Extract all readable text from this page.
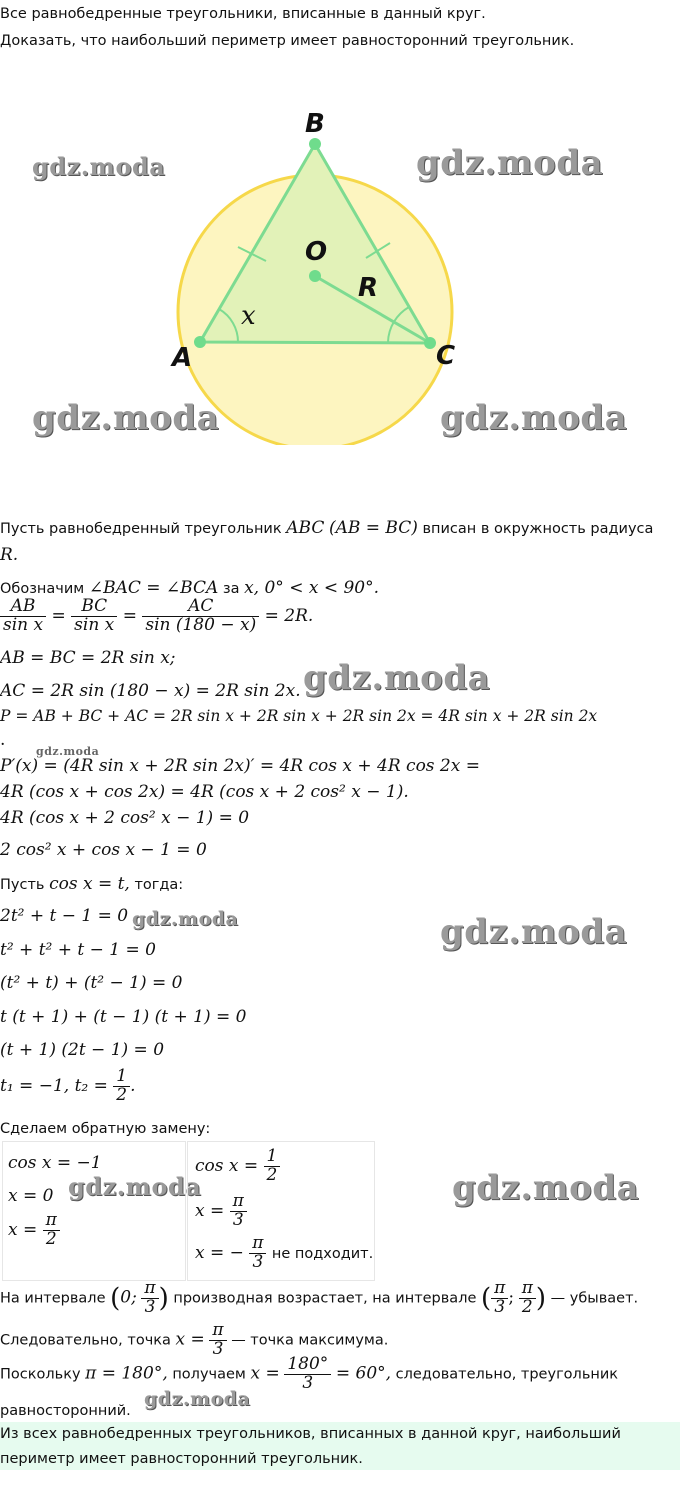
Все равнобедренные треугольники, вписанные в данный круг.
Доказать, что наибольший периметр имеет равносторонний треугольник.
B
O
R
A	C
x
gdz.moda	gdz.moda
gdz.moda	gdz.moda
Пусть равнобедренный треугольник ABC (AB = BC) вписан в окружность радиуса
R.
Обозначим ∠BAC = ∠BCA за x, 0° < x < 90°.
$\frac{AB}{\text{sin x}} = \frac{BC}{\text{sin x}} = \frac{AC}{\sin (180 - x)} = 2R$.
AB = BC = 2R sin x;
AC = 2R sin (180 − x) = 2R sin 2x. gdz.moda
P = AB + BC + AC = 2R sin x + 2R sin x + 2R sin 2x = 4R sin x + 2R sin 2x
.
gdz.moda
P′(x) = (4R sin x + 2R sin 2x)′ = 4R cos x + 4R cos 2x =
4R (cos x + cos 2x) = 4R (cos x + 2 cos² x − 1).
4R (cos x + 2 cos² x − 1) = 0
2 cos² x + cos x − 1 = 0
Пусть cos x = t, тогда:
2t² + t − 1 = 0 gdz.moda	gdz.moda
t² + t² + t − 1 = 0
(t² + t) + (t² − 1) = 0
t (t + 1) + (t − 1) (t + 1) = 0
(t + 1) (2t − 1) = 0
t₁ = −1, $t_2 = \frac{1}{2}$ .
Сделаем обратную замену:
cos x = −1
x = 0
$x = \frac{\pi}{2}$
gdz.moda
$\cos x = \frac{1}{2}$
$x = \frac{\pi}{3}$
x = − $\frac{\pi}{3}$ не подходит.
gdz.moda
На интервале (0; $\frac{\pi}{3}$ ) производная возрастает, на интервале ( $\frac{\pi}{3}$ ; $\frac{\pi}{2}$ ) — убывает.
Следовательно, точка $x = \frac{\pi}{3}$ — точка максимума.
Поскольку π = 180°, получаем $x = \frac{180^\circ}{3} = 60^\circ$, следовательно, треугольник
равносторонний.
gdz.moda
Из всех равнобедренных треугольников, вписанных в данной круг, наибольший
периметр имеет равносторонний треугольник.
